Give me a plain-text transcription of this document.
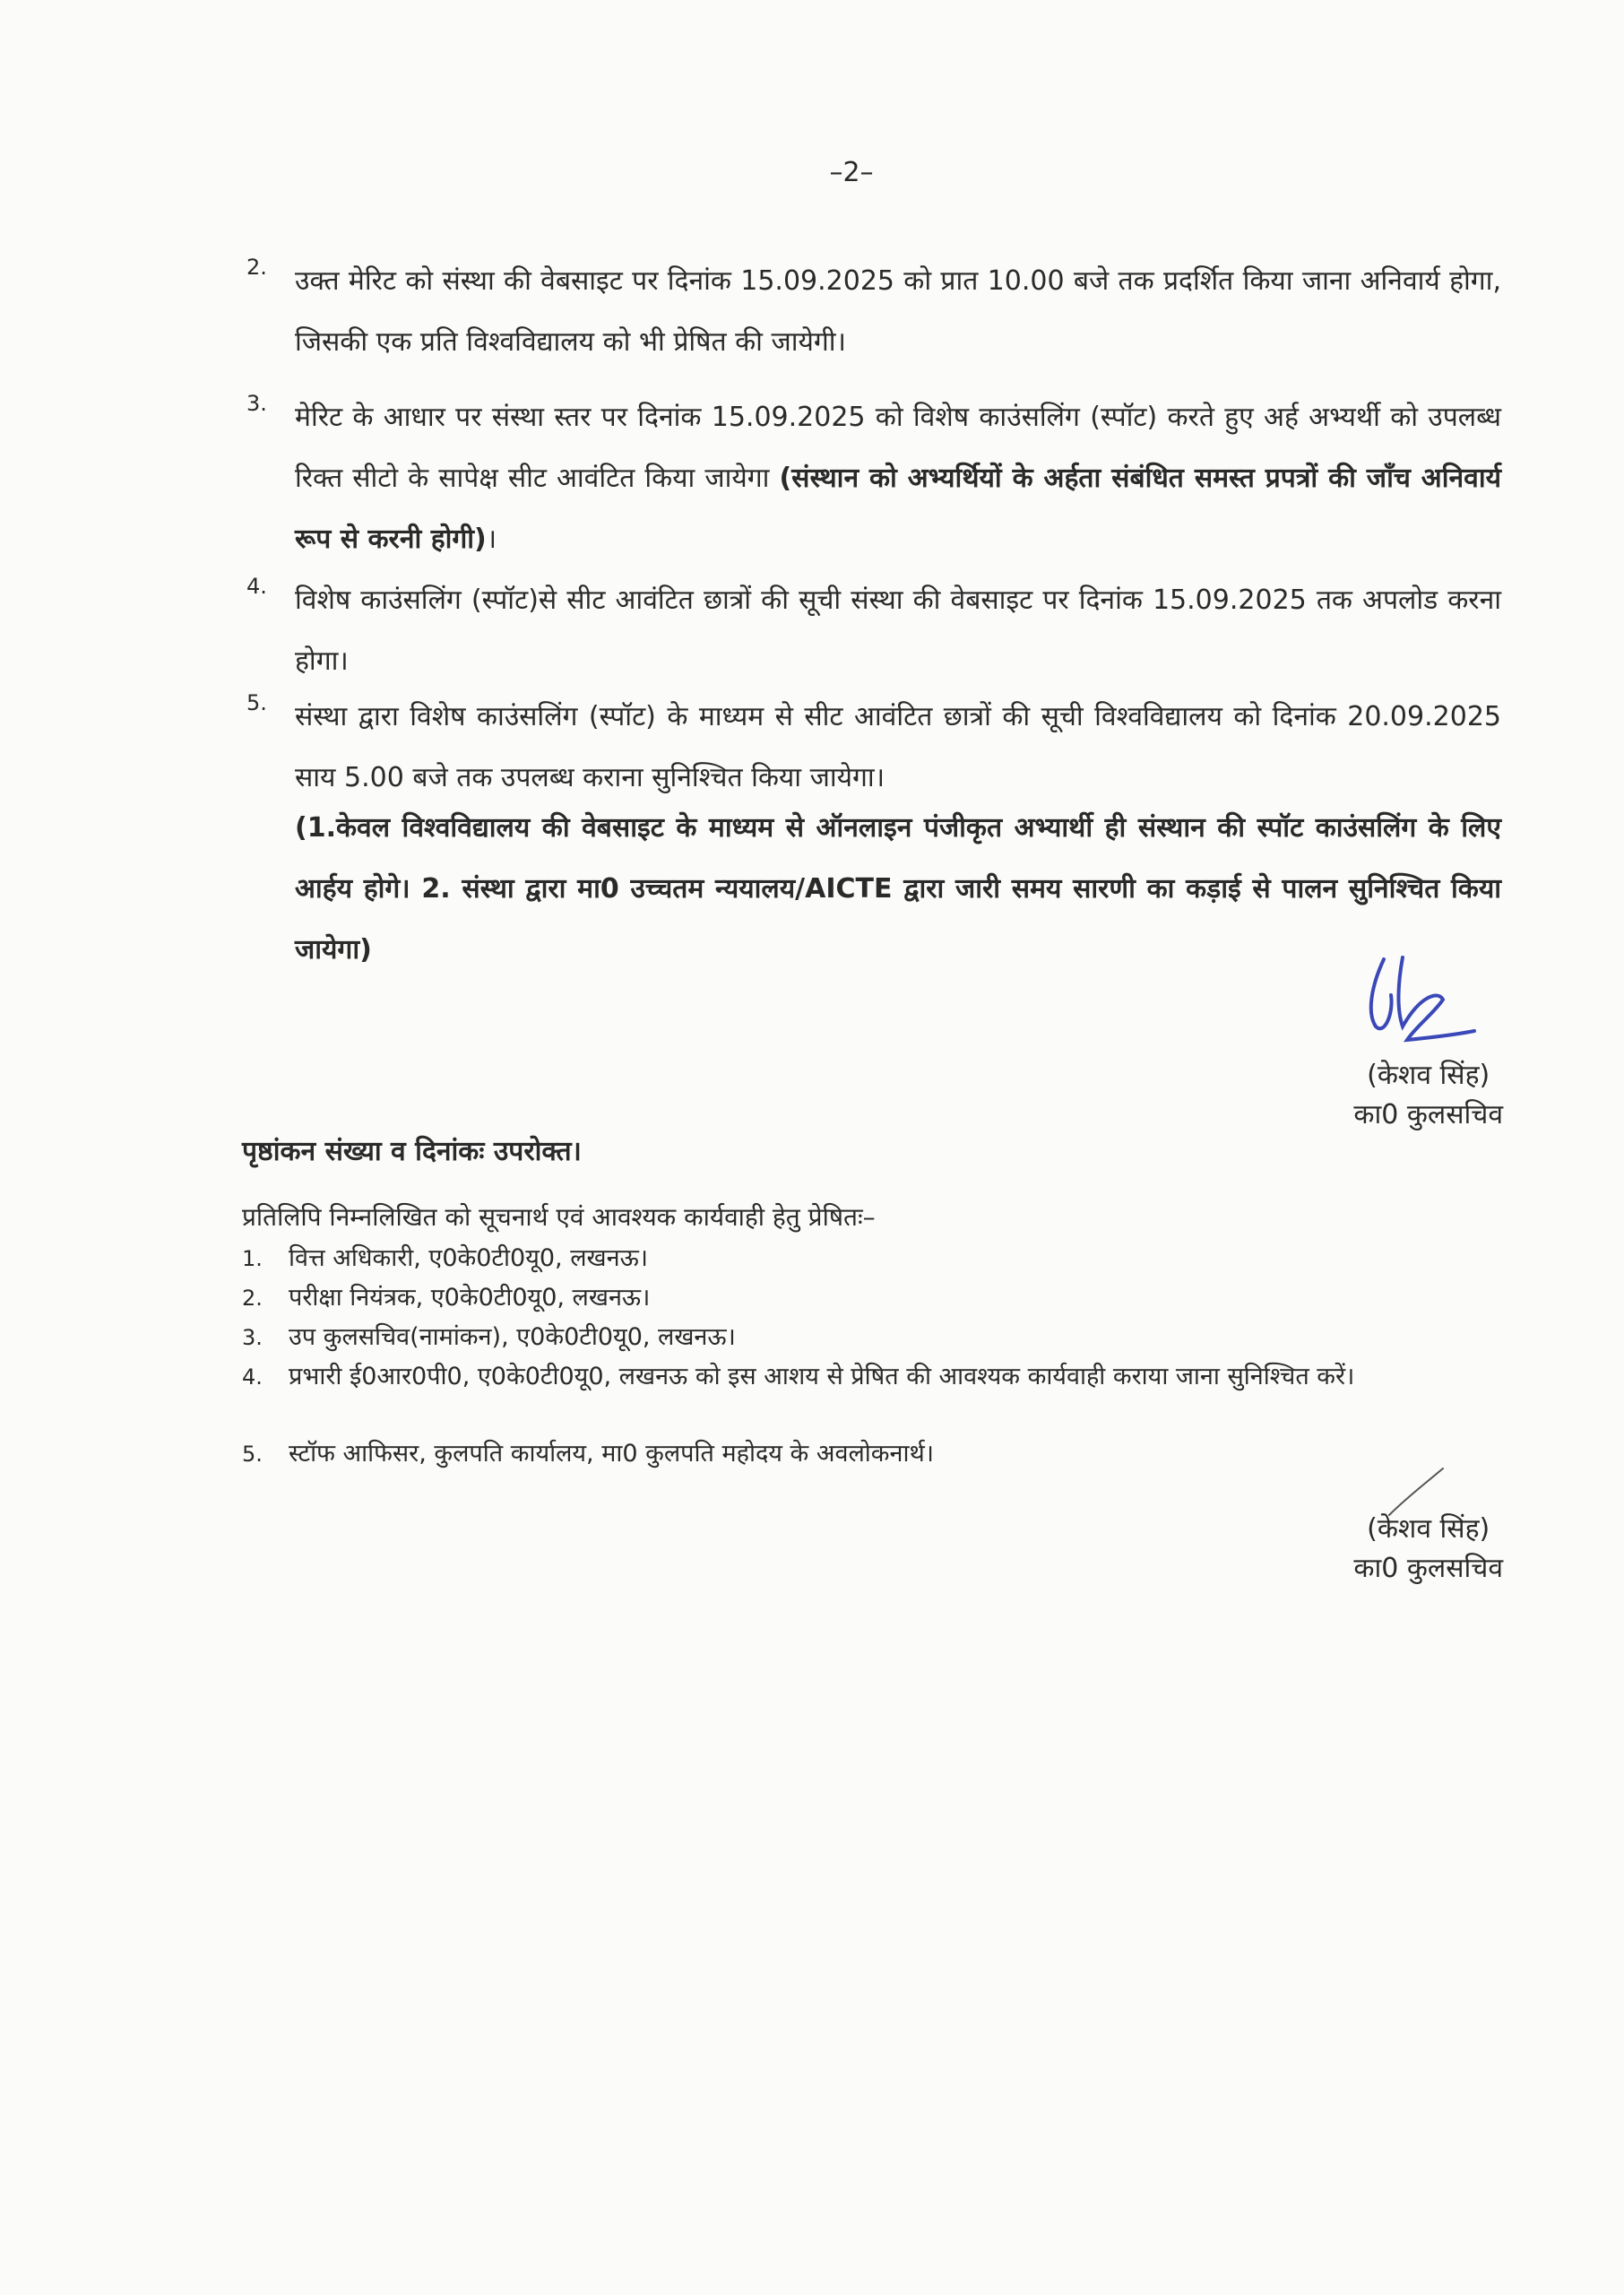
–2–
2. उक्त मेरिट को संस्था की वेबसाइट पर दिनांक 15.09.2025 को प्रात 10.00 बजे तक प्रदर्शित किया जाना अनिवार्य होगा, जिसकी एक प्रति विश्वविद्यालय को भी प्रेषित की जायेगी।
3. मेरिट के आधार पर संस्था स्तर पर दिनांक 15.09.2025 को विशेष काउंसलिंग (स्पॉट) करते हुए अर्ह अभ्यर्थी को उपलब्ध रिक्त सीटो के सापेक्ष सीट आवंटित किया जायेगा (संस्थान को अभ्यर्थियों के अर्हता संबंधित समस्त प्रपत्रों की जाँच अनिवार्य रूप से करनी होगी)।
4. विशेष काउंसलिंग (स्पॉट)से सीट आवंटित छात्रों की सूची संस्था की वेबसाइट पर दिनांक 15.09.2025 तक अपलोड करना होगा।
5. संस्था द्वारा विशेष काउंसलिंग (स्पॉट) के माध्यम से सीट आवंटित छात्रों की सूची विश्वविद्यालय को दिनांक 20.09.2025 साय 5.00 बजे तक उपलब्ध कराना सुनिश्चित किया जायेगा।
(1.केवल विश्वविद्यालय की वेबसाइट के माध्यम से ऑनलाइन पंजीकृत अभ्यार्थी ही संस्थान की स्पॉट काउंसलिंग के लिए आर्हय होगे। 2. संस्था द्वारा मा0 उच्चतम न्ययालय/AICTE द्वारा जारी समय सारणी का कड़ाई से पालन सुनिश्चित किया जायेगा)
(केशव सिंह)
का0 कुलसचिव
पृष्ठांकन संख्या व दिनांकः उपरोक्त।
प्रतिलिपि निम्नलिखित को सूचनार्थ एवं आवश्यक कार्यवाही हेतु प्रेषितः–
1. वित्त अधिकारी, ए0के0टी0यू0, लखनऊ।
2. परीक्षा नियंत्रक, ए0के0टी0यू0, लखनऊ।
3. उप कुलसचिव(नामांकन), ए0के0टी0यू0, लखनऊ।
4. प्रभारी ई0आर0पी0, ए0के0टी0यू0, लखनऊ को इस आशय से प्रेषित की आवश्यक कार्यवाही कराया जाना सुनिश्चित करें।
5. स्टॉफ आफिसर, कुलपति कार्यालय, मा0 कुलपति महोदय के अवलोकनार्थ।
(केशव सिंह)
का0 कुलसचिव
